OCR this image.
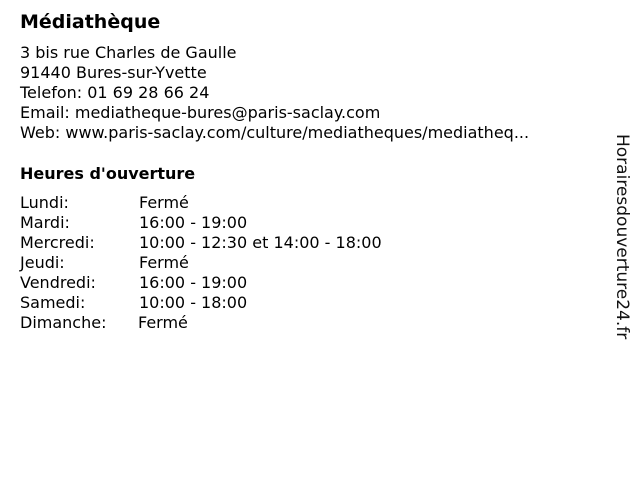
Médiathèque
3 bis rue Charles de Gaulle
91440 Bures-sur-Yvette
Telefon: 01 69 28 66 24
Email: mediatheque-bures@paris-saclay.com
Web: www.paris-saclay.com/culture/mediatheques/mediatheq...
Heures d'ouverture
Lundi:	Fermé
Mardi:	16:00 - 19:00
Mercredi:	10:00 - 12:30 et 14:00 - 18:00
Jeudi:	Fermé
Vendredi:	16:00 - 19:00
Samedi:	10:00 - 18:00
Dimanche: Fermé	Horairesdouverture24.fr
